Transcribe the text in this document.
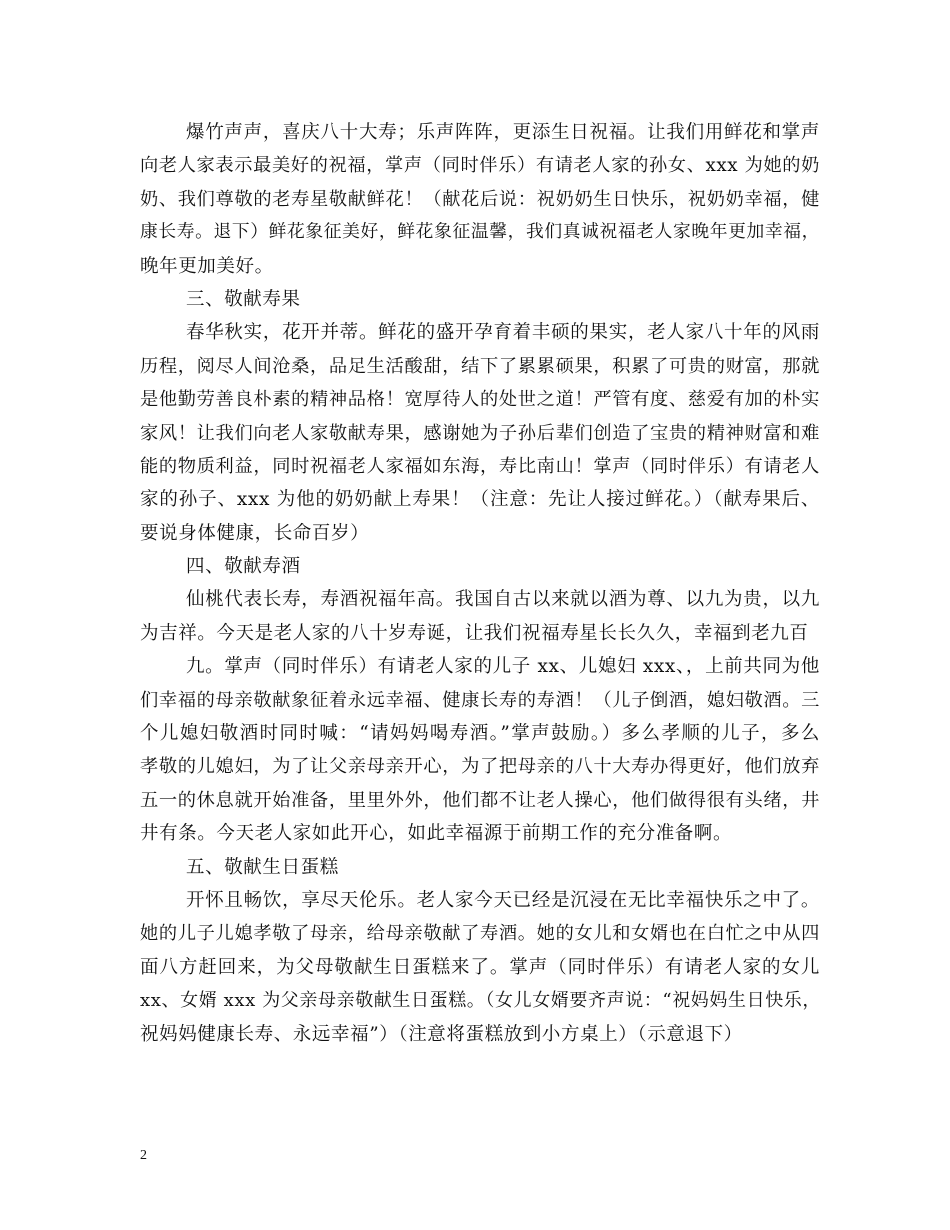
爆竹声声，喜庆八十大寿；乐声阵阵，更添生日祝福。让我们用鲜花和掌声
向老人家表示最美好的祝福，掌声（同时伴乐）有请老人家的孙女、xxx 为她的奶
奶、我们尊敬的老寿星敬献鲜花！（献花后说：祝奶奶生日快乐，祝奶奶幸福，健
康长寿。退下）鲜花象征美好，鲜花象征温馨，我们真诚祝福老人家晚年更加幸福，
晚年更加美好。
三、敬献寿果
春华秋实，花开并蒂。鲜花的盛开孕育着丰硕的果实，老人家八十年的风雨
历程，阅尽人间沧桑，品足生活酸甜，结下了累累硕果，积累了可贵的财富，那就
是他勤劳善良朴素的精神品格！宽厚待人的处世之道！严管有度、慈爱有加的朴实
家风！让我们向老人家敬献寿果，感谢她为子孙后辈们创造了宝贵的精神财富和难
能的物质利益，同时祝福老人家福如东海，寿比南山！掌声（同时伴乐）有请老人
家的孙子、xxx 为他的奶奶献上寿果！（注意：先让人接过鲜花。）（献寿果后、
要说身体健康，长命百岁）
四、敬献寿酒
仙桃代表长寿，寿酒祝福年高。我国自古以来就以酒为尊、以九为贵，以九
为吉祥。今天是老人家的八十岁寿诞，让我们祝福寿星长长久久，幸福到老九百
九。掌声（同时伴乐）有请老人家的儿子 xx、儿媳妇 xxx、，上前共同为他
们幸福的母亲敬献象征着永远幸福、健康长寿的寿酒！（儿子倒酒，媳妇敬酒。三
个儿媳妇敬酒时同时喊：“请妈妈喝寿酒。”掌声鼓励。）多么孝顺的儿子，多么
孝敬的儿媳妇，为了让父亲母亲开心，为了把母亲的八十大寿办得更好，他们放弃
五一的休息就开始准备，里里外外，他们都不让老人操心，他们做得很有头绪，井
井有条。今天老人家如此开心，如此幸福源于前期工作的充分准备啊。
五、敬献生日蛋糕
开怀且畅饮，享尽天伦乐。老人家今天已经是沉浸在无比幸福快乐之中了。
她的儿子儿媳孝敬了母亲，给母亲敬献了寿酒。她的女儿和女婿也在白忙之中从四
面八方赶回来，为父母敬献生日蛋糕来了。掌声（同时伴乐）有请老人家的女儿
xx、女婿 xxx 为父亲母亲敬献生日蛋糕。（女儿女婿要齐声说：“祝妈妈生日快乐，
祝妈妈健康长寿、永远幸福”）（注意将蛋糕放到小方桌上）（示意退下）
2
